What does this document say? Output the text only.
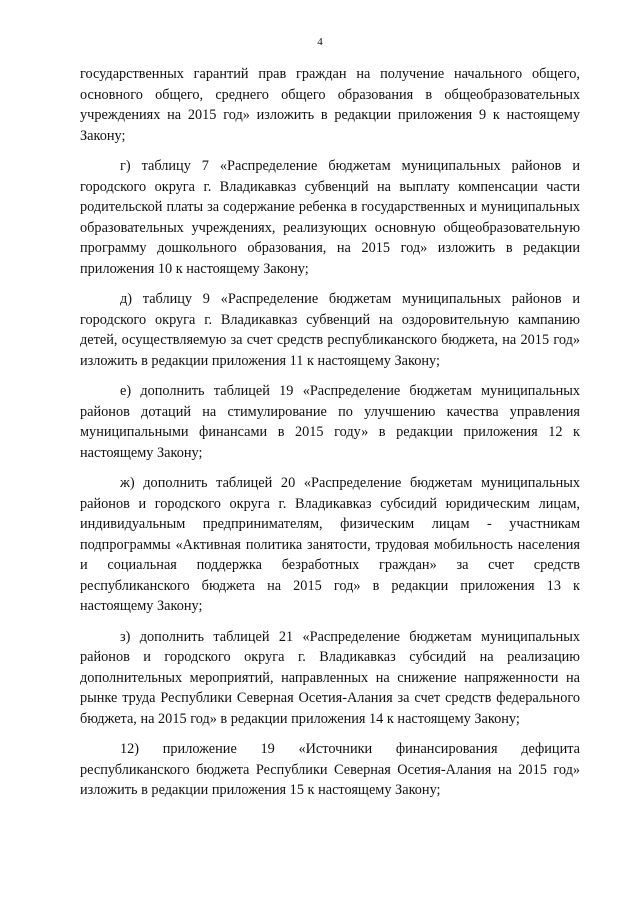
4

государственных гарантий прав граждан на получение начального общего, основного общего, среднего общего образования в общеобразовательных учреждениях на 2015 год» изложить в редакции приложения 9 к настоящему Закону;

г) таблицу 7 «Распределение бюджетам муниципальных районов и городского округа г. Владикавказ субвенций на выплату компенсации части родительской платы за содержание ребенка в государственных и муниципальных образовательных учреждениях, реализующих основную общеобразовательную программу дошкольного образования, на 2015 год» изложить в редакции приложения 10 к настоящему Закону;

д) таблицу 9 «Распределение бюджетам муниципальных районов и городского округа г. Владикавказ субвенций на оздоровительную кампанию детей, осуществляемую за счет средств республиканского бюджета, на 2015 год» изложить в редакции приложения 11 к настоящему Закону;

е) дополнить таблицей 19 «Распределение бюджетам муниципальных районов дотаций на стимулирование по улучшению качества управления муниципальными финансами в 2015 году» в редакции приложения 12 к настоящему Закону;

ж) дополнить таблицей 20 «Распределение бюджетам муниципальных районов и городского округа г. Владикавказ субсидий юридическим лицам, индивидуальным предпринимателям, физическим лицам - участникам подпрограммы «Активная политика занятости, трудовая мобильность населения и социальная поддержка безработных граждан» за счет средств республиканского бюджета на 2015 год» в редакции приложения 13 к настоящему Закону;

з) дополнить таблицей 21 «Распределение бюджетам муниципальных районов и городского округа г. Владикавказ субсидий на реализацию дополнительных мероприятий, направленных на снижение напряженности на рынке труда Республики Северная Осетия-Алания за счет средств федерального бюджета, на 2015 год» в редакции приложения 14 к настоящему Закону;

12) приложение 19 «Источники финансирования дефицита республиканского бюджета Республики Северная Осетия-Алания на 2015 год» изложить в редакции приложения 15 к настоящему Закону;
